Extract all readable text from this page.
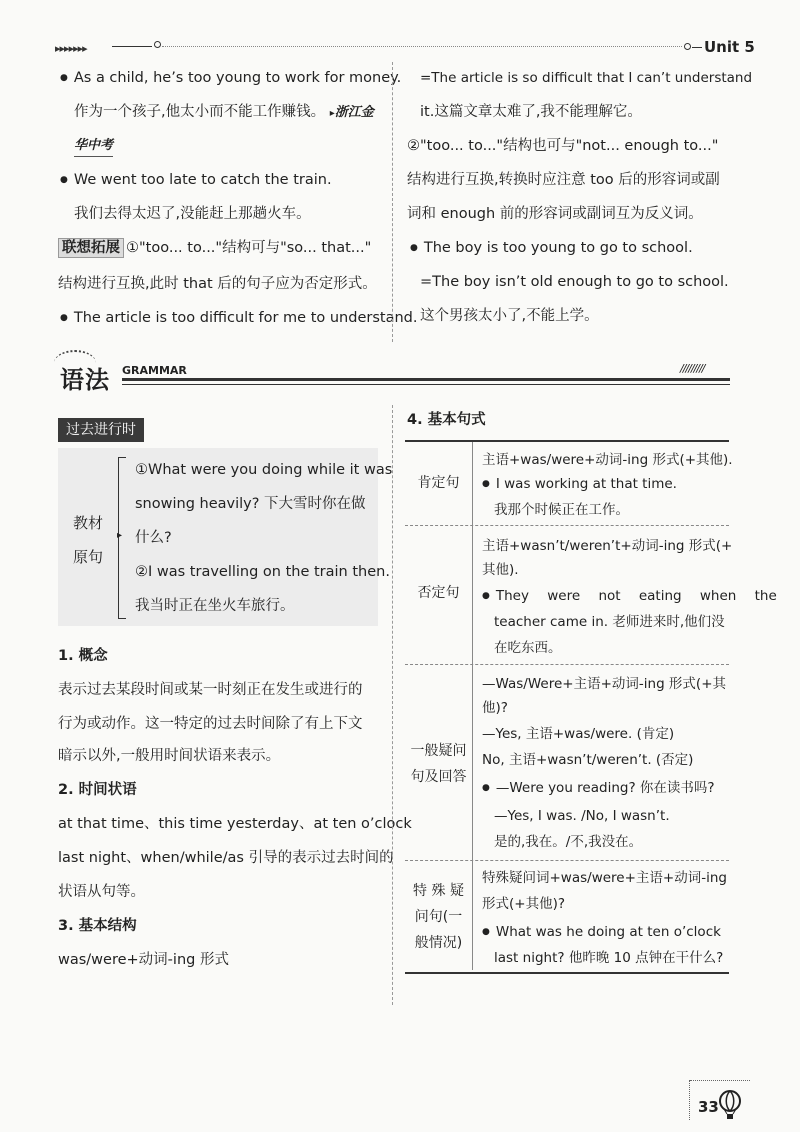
▸▸▸▸▸▸▸	Unit 5
● As a child, he’s too young to work for money.
作为一个孩子,他太小而不能工作赚钱。 ▸浙江金
华中考
● We went too late to catch the train.
我们去得太迟了,没能赶上那趟火车。
联想拓展 ①"too... to..."结构可与"so... that..."
结构进行互换,此时 that 后的句子应为否定形式。
● The article is too difficult for me to understand.
=The article is so difficult that I can’t understand
it.这篇文章太难了,我不能理解它。
②"too... to..."结构也可与"not... enough to..."
结构进行互换,转换时应注意 too 后的形容词或副
词和 enough 前的形容词或副词互为反义词。
● The boy is too young to go to school.
=The boy isn’t old enough to go to school.
这个男孩太小了,不能上学。
语法 GRAMMAR	/////////
过去进行时
教材
原句
▸
①What were you doing while it was
snowing heavily? 下大雪时你在做
什么?
②I was travelling on the train then.
我当时正在坐火车旅行。
1. 概念
表示过去某段时间或某一时刻正在发生或进行的
行为或动作。这一特定的过去时间除了有上下文
暗示以外,一般用时间状语来表示。
2. 时间状语
at that time、this time yesterday、at ten o’clock
last night、when/while/as 引导的表示过去时间的
状语从句等。
3. 基本结构
was/were+动词-ing 形式
4. 基本句式
肯定句
主语+was/were+动词-ing 形式(+其他).
● I was working at that time.
我那个时候正在工作。
否定句
主语+wasn’t/weren’t+动词-ing 形式(+
其他).
● They were not eating when the
teacher came in. 老师进来时,他们没
在吃东西。
一般疑问
句及回答
—Was/Were+主语+动词-ing 形式(+其
他)?
—Yes, 主语+was/were. (肯定)
No, 主语+wasn’t/weren’t. (否定)
● —Were you reading? 你在读书吗?
—Yes, I was. /No, I wasn’t.
是的,我在。/不,我没在。
特 殊 疑
问句(一
般情况)
特殊疑问词+was/were+主语+动词-ing
形式(+其他)?
● What was he doing at ten o’clock
last night? 他昨晚 10 点钟在干什么?
33
